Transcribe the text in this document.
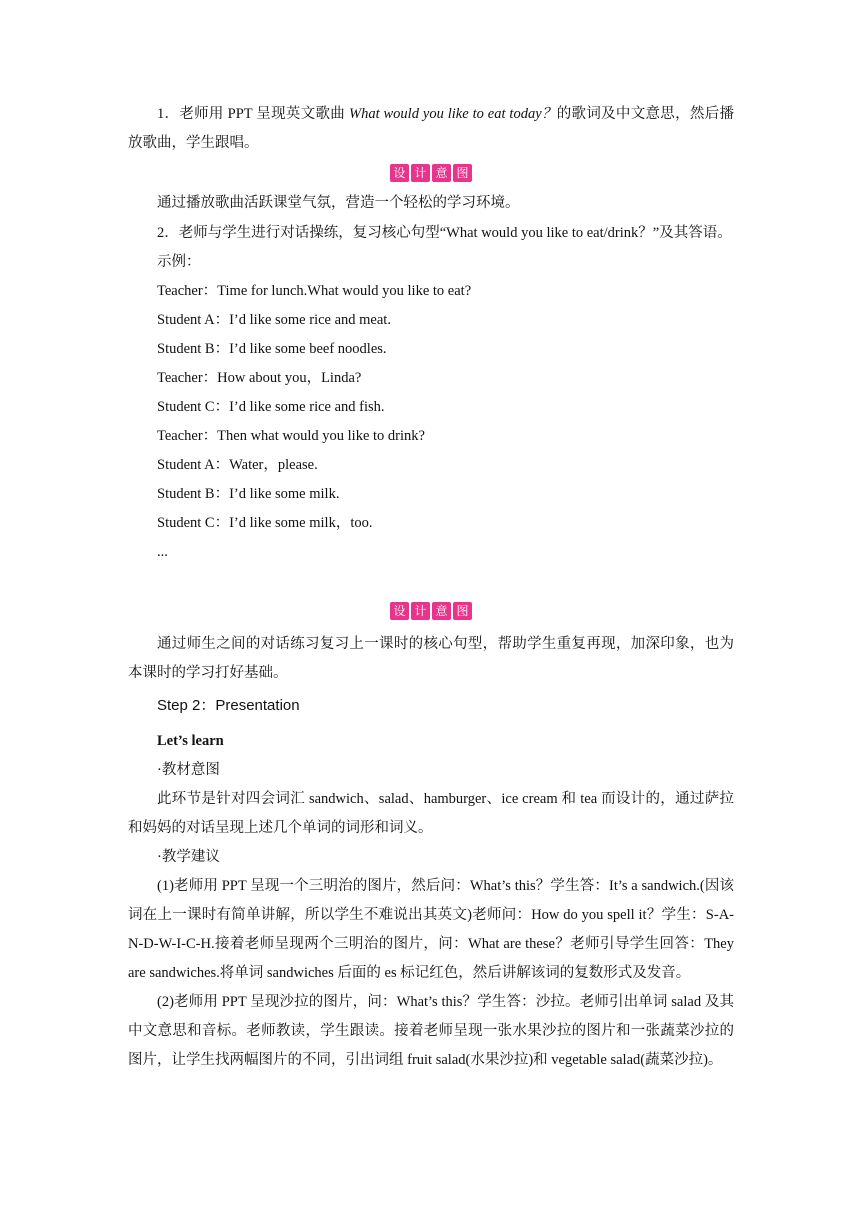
1．老师用 PPT 呈现英文歌曲 What would you like to eat today？的歌词及中文意思，然后播放歌曲，学生跟唱。

设 计 意 图

通过播放歌曲活跃课堂气氛，营造一个轻松的学习环境。

2．老师与学生进行对话操练，复习核心句型“What would you like to eat/drink？”及其答语。

示例：

Teacher：Time for lunch.What would you like to eat?

Student A：I’d like some rice and meat.

Student B：I’d like some beef noodles.

Teacher：How about you，Linda?

Student C：I’d like some rice and fish.

Teacher：Then what would you like to drink?

Student A：Water，please.

Student B：I’d like some milk.

Student C：I’d like some milk，too.

...

设 计 意 图

通过师生之间的对话练习复习上一课时的核心句型，帮助学生重复再现，加深印象，也为本课时的学习打好基础。

Step 2：Presentation

Let’s learn

·教材意图

此环节是针对四会词汇 sandwich、salad、hamburger、ice cream 和 tea 而设计的，通过萨拉和妈妈的对话呈现上述几个单词的词形和词义。

·教学建议

(1)老师用 PPT 呈现一个三明治的图片，然后问：What’s this？学生答：It’s a sandwich.(因该词在上一课时有简单讲解，所以学生不难说出其英文)老师问：How do you spell it？学生：S-A-N-D-W-I-C-H.接着老师呈现两个三明治的图片，问：What are these？老师引导学生回答：They are sandwiches.将单词 sandwiches 后面的 es 标记红色，然后讲解该词的复数形式及发音。

(2)老师用 PPT 呈现沙拉的图片，问：What’s this？学生答：沙拉。老师引出单词 salad 及其中文意思和音标。老师教读，学生跟读。接着老师呈现一张水果沙拉的图片和一张蔬菜沙拉的图片，让学生找两幅图片的不同，引出词组 fruit salad(水果沙拉)和 vegetable salad(蔬菜沙拉)。
